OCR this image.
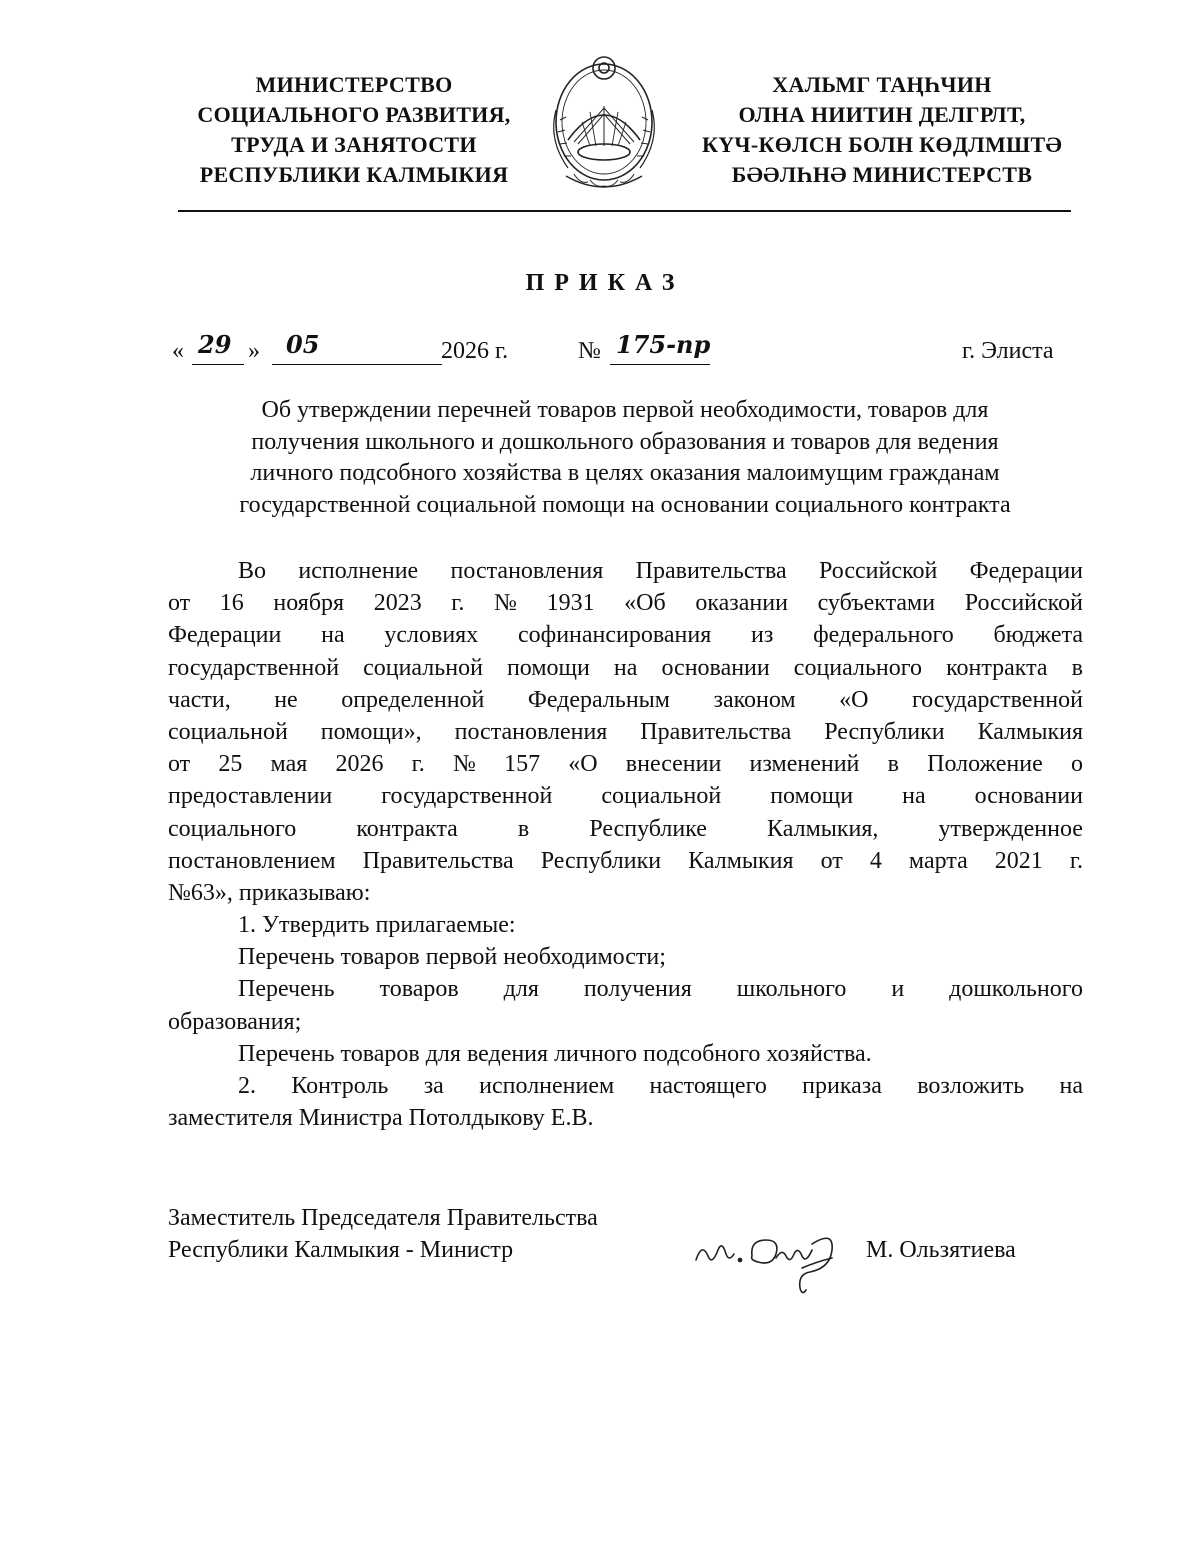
МИНИСТЕРСТВО
СОЦИАЛЬНОГО РАЗВИТИЯ,
ТРУДА И ЗАНЯТОСТИ
РЕСПУБЛИКИ КАЛМЫКИЯ
ХАЛЬМГ ТАҢҺЧИН
ОЛНА НИИТИН ДЕЛГРЛТ,
КҮЧ-КӨЛСН БОЛН КӨДЛМШТӘ
БӘӘЛҺНӘ МИНИСТЕРСТВ
ПРИКАЗ
« 29 » 05	2026 г.	№ 175-пр	г. Элиста
Об утверждении перечней товаров первой необходимости, товаров для
получения школьного и дошкольного образования и товаров для ведения
личного подсобного хозяйства в целях оказания малоимущим гражданам
государственной социальной помощи на основании социального контракта
Во исполнение постановления Правительства Российской Федерации
от 16 ноября 2023 г. № 1931 «Об оказании субъектами Российской
Федерации на условиях софинансирования из федерального бюджета
государственной социальной помощи на основании социального контракта в
части, не определенной Федеральным законом «О государственной
социальной помощи», постановления Правительства Республики Калмыкия
от 25 мая 2026 г. № 157 «О внесении изменений в Положение о
предоставлении государственной социальной помощи на основании
социального	контракта	в	Республике	Калмыкия,	утвержденное
постановлением Правительства Республики Калмыкия от 4 марта 2021 г.
№63», приказываю:
1. Утвердить прилагаемые:
Перечень товаров первой необходимости;
Перечень товаров для получения школьного и дошкольного
образования;
Перечень товаров для ведения личного подсобного хозяйства.
2. Контроль за исполнением настоящего приказа возложить на
заместителя Министра Потолдыкову Е.В.
Заместитель Председателя Правительства
Республики Калмыкия - Министр	М. Ользятиева
